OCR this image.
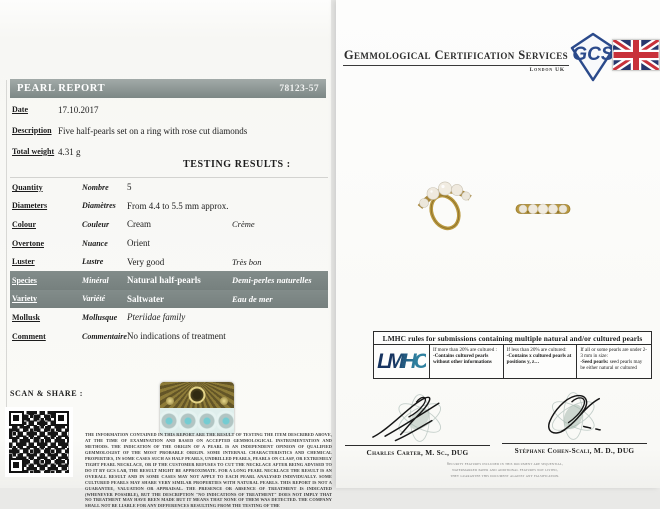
PEARL REPORT	78123-57
Date	17.10.2017
Description Five half-pearls set on a ring with rose cut diamonds
Total weight 4.31 g
TESTING RESULTS :
Quantity	Nombre	5
Diameters	Diamètres	From 4.4 to 5.5 mm approx.
Colour	Couleur	Cream	Crème
Overtone	Nuance	Orient
Luster	Lustre	Very good	Très bon
Species	Minéral	Natural half-pearls	Demi-perles naturelles
Variety	Variété	Saltwater	Eau de mer
Mollusk	Mollusque	Pteriidae family
Comment	Commentaire No indications of treatment
SCAN & SHARE :
THE INFORMATION CONTAINED IN THIS REPORT ARE THE RESULT OF TESTING THE ITEM DESCRIBED ABOVE, AT THE TIME OF EXAMINATION AND BASED ON ACCEPTED GEMMOLOGICAL INSTRUMENTATION AND METHODS. THE INDICATION OF THE ORIGIN OF A PEARL IS AN INDEPENDENT OPINION OF QUALIFIED GEMMOLOGIST OF THE MOST PROBABLE ORIGIN. SOME INTERNAL CHARACTERISTICS AND CHEMICAL PROPERTIES, IN SOME CASES SUCH AS HALF PEARLS, UNDRILLED PEARLS, PEARLS ON CLASP, OR EXTREMELY TIGHT PEARL NECKLACE, OR IF THE CUSTOMER REFUSES TO CUT THE NECKLACE AFTER BEING ADVISED TO DO IT BY GCS LAB, THE RESULT MIGHT BE APPROXIMATE. FOR A LONG PEARL NECKLACE THE RESULT IS AN OVERALL RESULT AND IN SOME CASES MAY NOT APPLY TO EACH PEARL ANALYSED INDIVIDUALLY. SOME CULTURED PEARLS MAY SHARE VERY SIMILAR PROPERTIES WITH NATURAL PEARLS. THIS REPORT IS NOT A GUARANTEE, VALUATION OR APPRAISAL. THE PRESENCE OR ABSENCE OF TREATMENT IS INDICATED (WHENEVER POSSIBLE), BUT THE DESCRIPTION "NO INDICATIONS OF TREATMENT" DOES NOT IMPLY THAT NO TREATMENT MAY HAVE BEEN MADE BUT IT MEANS THAT NONE OF THEM WAS DETECTED. THE COMPANY SHALL NOT BE LIABLE FOR ANY DIFFERENCES RESULTING FROM THE TESTING OF THE
Gemmological Certification Services
London UK
GCS
LMHC rules for submissions containing multiple natural and/or cultured pearls
LMHC
If more than 20% are cultured :
-Contains cultured pearls without other informations
If less than 20% are cultured:
-Contains x cultured pearls at positions y, z…
If all or some pearls are under 2-3 mm in size:
-Seed pearls: seed pearls may be either natural or cultured
Charles Carter, M. Sc., DUG	Stéphane Cohen-Scali, M. D., DUG
Security features included in this document are sequential,
watermarked paper and additional features not listed,
they guarantee this document against any falsification.
